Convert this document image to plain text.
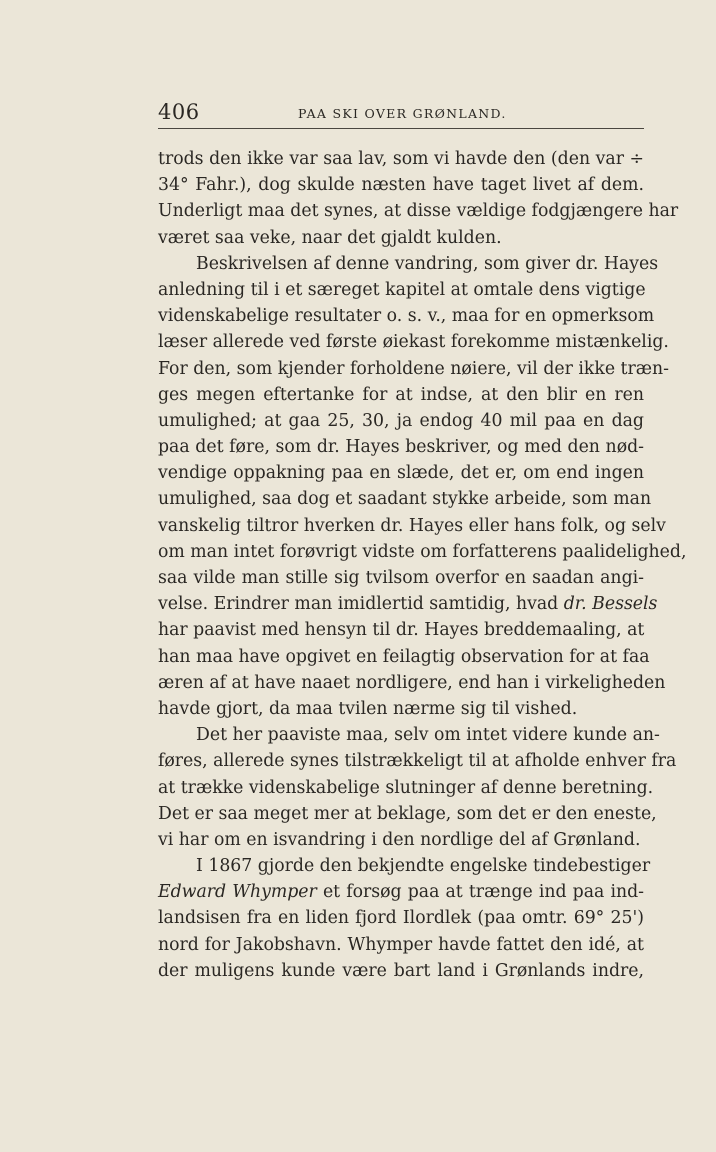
406	PAA SKI OVER GRØNLAND.
trods den ikke var saa lav, som vi havde den (den var ÷
34° Fahr.), dog skulde næsten have taget livet af dem.
Underligt maa det synes, at disse vældige fodgjængere har
været saa veke, naar det gjaldt kulden.
Beskrivelsen af denne vandring, som giver dr. Hayes
anledning til i et særeget kapitel at omtale dens vigtige
videnskabelige resultater o. s. v., maa for en opmerksom
læser allerede ved første øiekast forekomme mistænkelig.
For den, som kjender forholdene nøiere, vil der ikke træn-
ges megen eftertanke for at indse, at den blir en ren
umulighed; at gaa 25, 30, ja endog 40 mil paa en dag
paa det føre, som dr. Hayes beskriver, og med den nød-
vendige oppakning paa en slæde, det er, om end ingen
umulighed, saa dog et saadant stykke arbeide, som man
vanskelig tiltror hverken dr. Hayes eller hans folk, og selv
om man intet forøvrigt vidste om forfatterens paalidelighed,
saa vilde man stille sig tvilsom overfor en saadan angi-
velse. Erindrer man imidlertid samtidig, hvad dr. Bessels
har paavist med hensyn til dr. Hayes breddemaaling, at
han maa have opgivet en feilagtig observation for at faa
æren af at have naaet nordligere, end han i virkeligheden
havde gjort, da maa tvilen nærme sig til vished.
Det her paaviste maa, selv om intet videre kunde an-
føres, allerede synes tilstrækkeligt til at afholde enhver fra
at trække videnskabelige slutninger af denne beretning.
Det er saa meget mer at beklage, som det er den eneste,
vi har om en isvandring i den nordlige del af Grønland.
I 1867 gjorde den bekjendte engelske tindebestiger
Edward Whymper et forsøg paa at trænge ind paa ind-
landsisen fra en liden fjord Ilordlek (paa omtr. 69° 25')
nord for Jakobshavn. Whymper havde fattet den idé, at
der muligens kunde være bart land i Grønlands indre,
